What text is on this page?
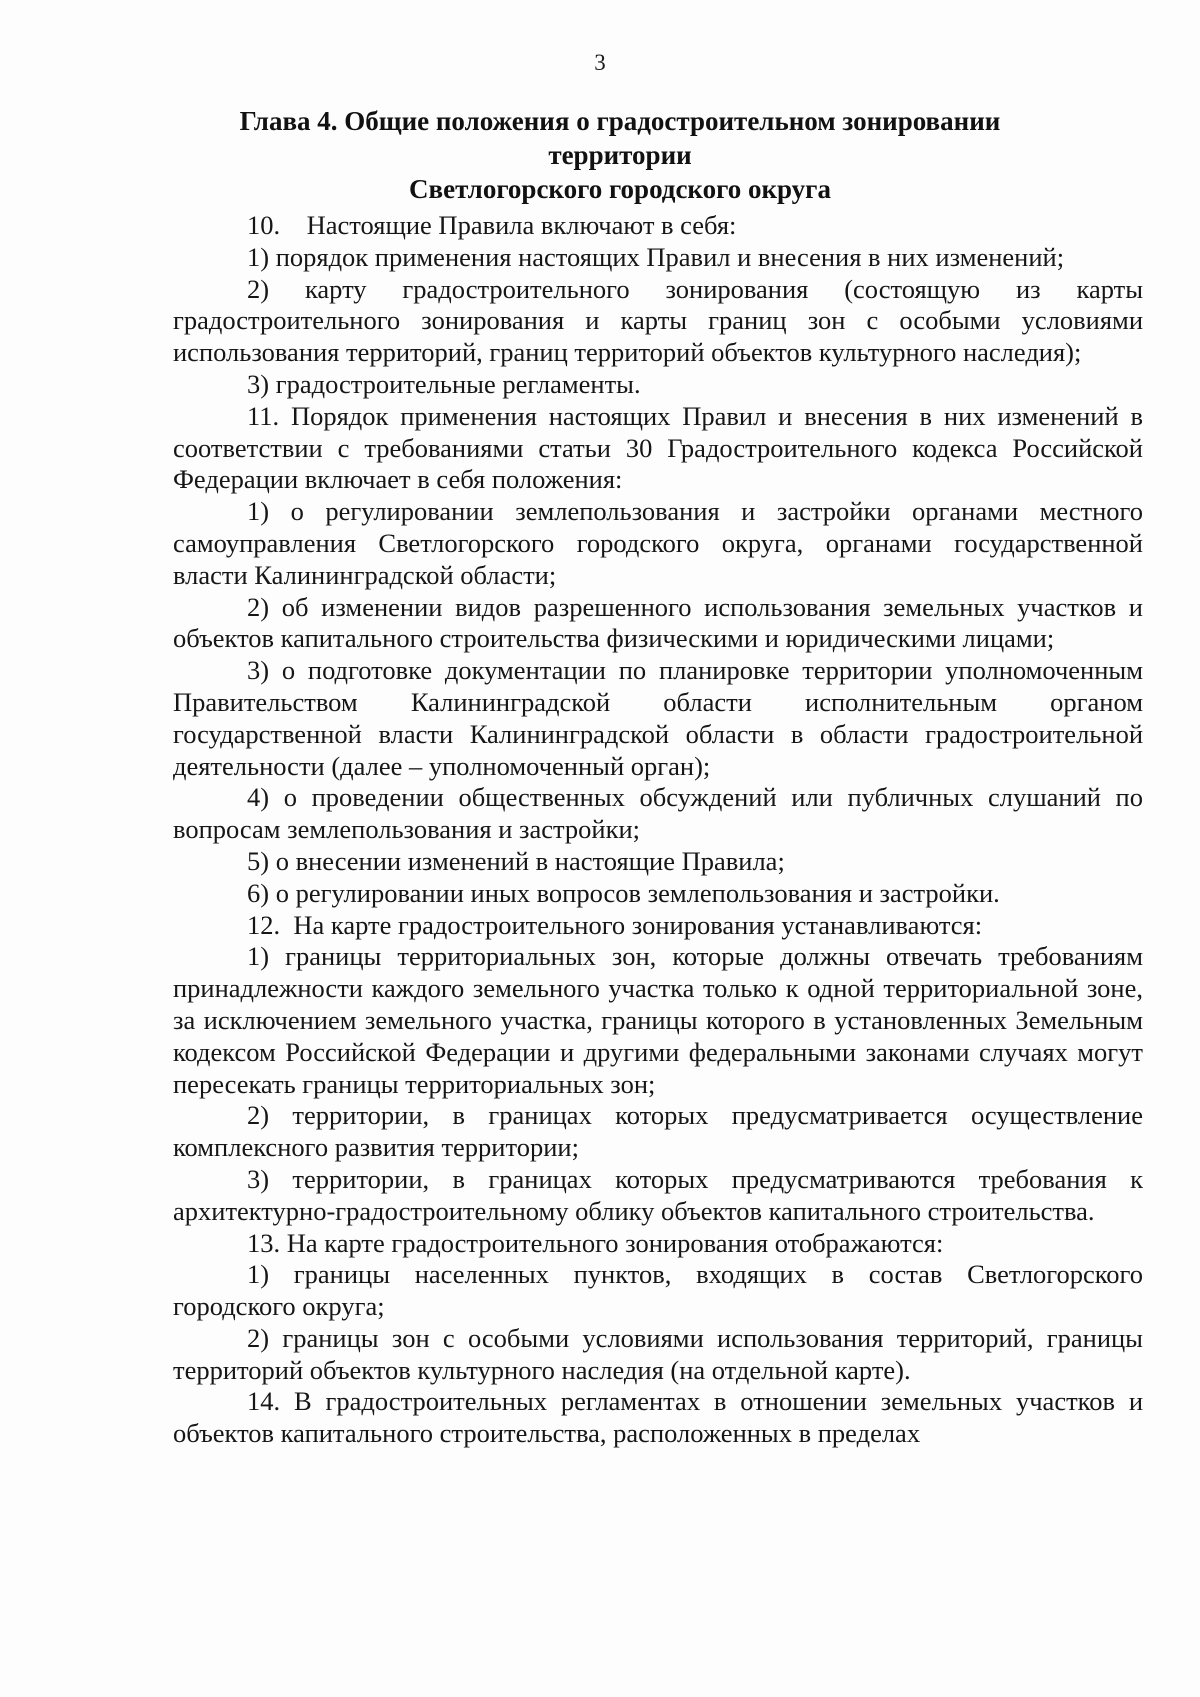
3
Глава 4. Общие положения о градостроительном зонировании территории
Светлогорского городского округа

10.    Настоящие Правила включают в себя:

1) порядок применения настоящих Правил и внесения в них изменений;

2) карту градостроительного зонирования (состоящую из карты градостроительного зонирования и карты границ зон с особыми условиями использования территорий, границ территорий объектов культурного наследия);

3) градостроительные регламенты.

11. Порядок применения настоящих Правил и внесения в них изменений в соответствии с требованиями статьи 30 Градостроительного кодекса Российской Федерации включает в себя положения:

1) о регулировании землепользования и застройки органами местного самоуправления Светлогорского городского округа, органами государственной власти Калининградской области;

2) об изменении видов разрешенного использования земельных участков и объектов капитального строительства физическими и юридическими лицами;

3) о подготовке документации по планировке территории уполномоченным Правительством Калининградской области исполнительным органом государственной власти Калининградской области в области градостроительной деятельности (далее – уполномоченный орган);

4) о проведении общественных обсуждений или публичных слушаний по вопросам землепользования и застройки;

5) о внесении изменений в настоящие Правила;

6) о регулировании иных вопросов землепользования и застройки.

12.  На карте градостроительного зонирования устанавливаются:

1) границы территориальных зон, которые должны отвечать требованиям принадлежности каждого земельного участка только к одной территориальной зоне, за исключением земельного участка, границы которого в установленных Земельным кодексом Российской Федерации и другими федеральными законами случаях могут пересекать границы территориальных зон;

2) территории, в границах которых предусматривается осуществление комплексного развития территории;

3) территории, в границах которых предусматриваются требования к архитектурно-градостроительному облику объектов капитального строительства.

13. На карте градостроительного зонирования отображаются:

1) границы населенных пунктов, входящих в состав Светлогорского городского округа;

2) границы зон с особыми условиями использования территорий, границы территорий объектов культурного наследия (на отдельной карте).

14. В градостроительных регламентах в отношении земельных участков и объектов капитального строительства, расположенных в пределах
